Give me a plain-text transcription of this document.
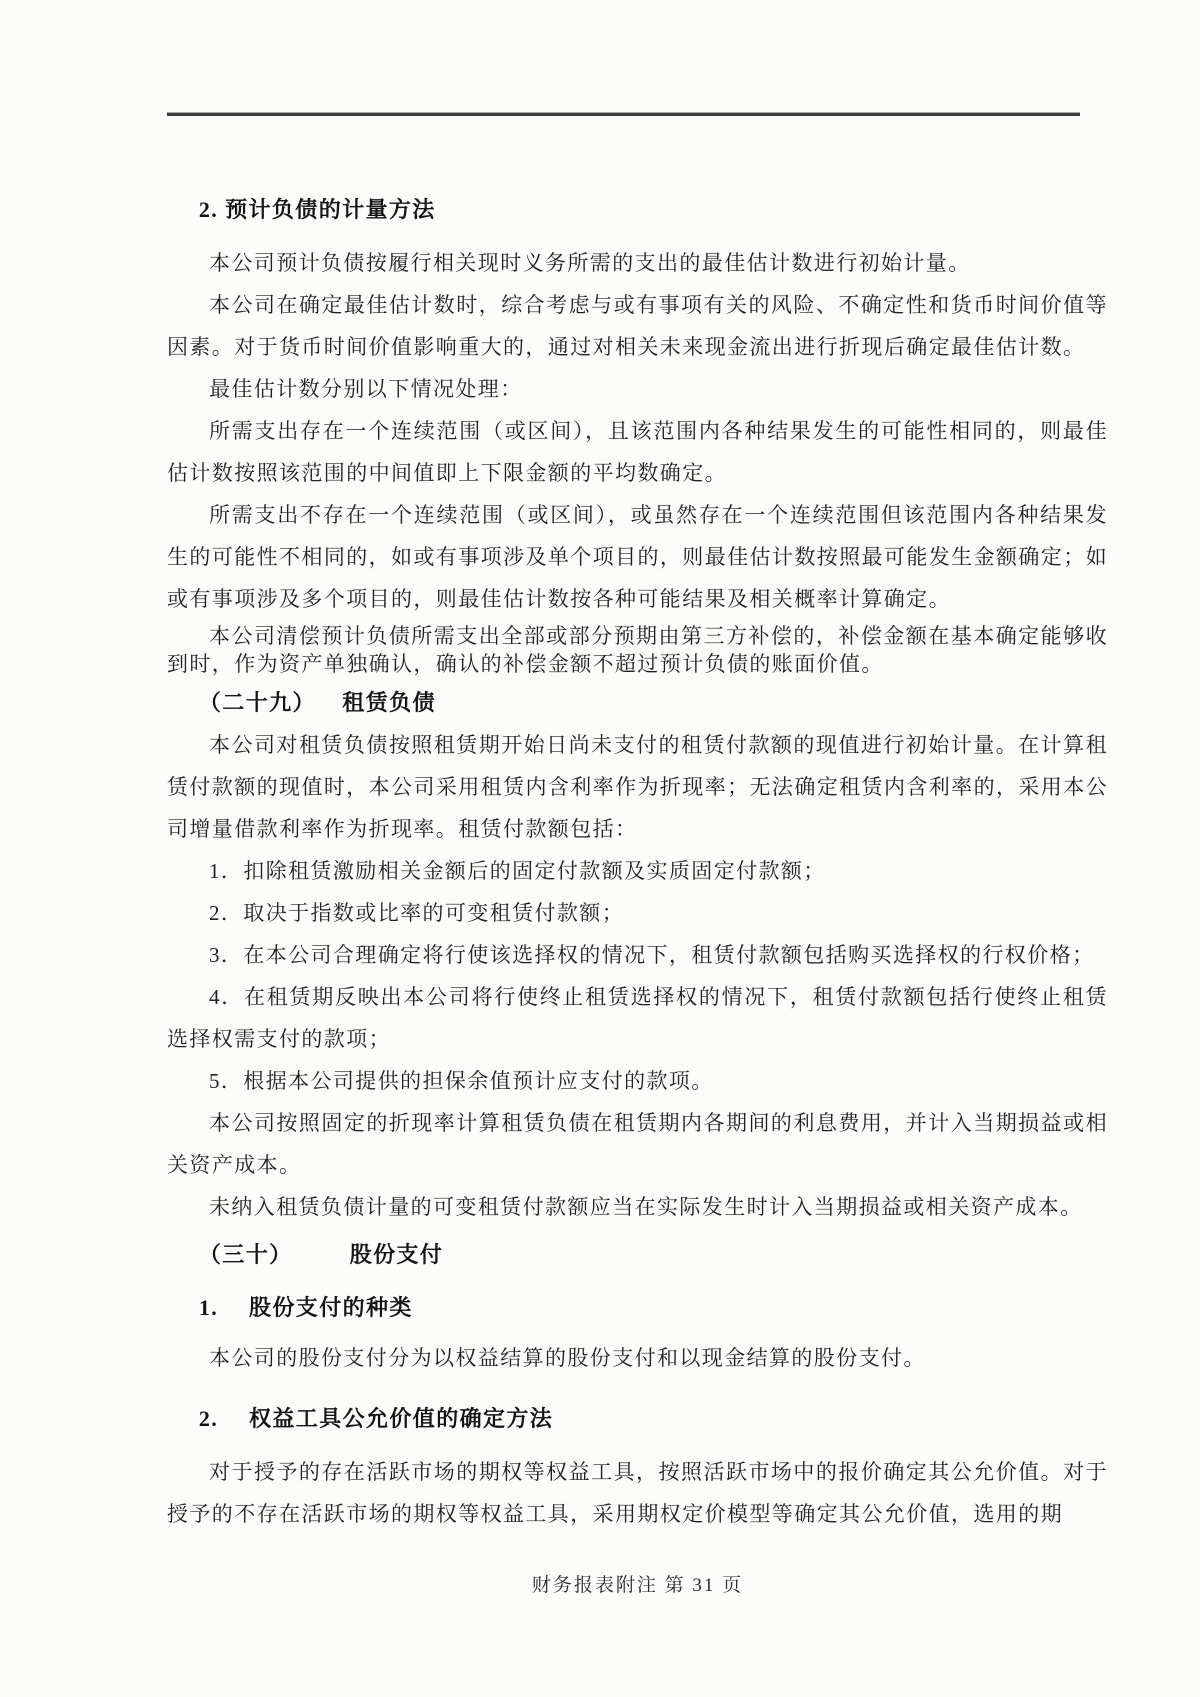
2. 预计负债的计量方法

本公司预计负债按履行相关现时义务所需的支出的最佳估计数进行初始计量。

本公司在确定最佳估计数时，综合考虑与或有事项有关的风险、不确定性和货币时间价值等因素。对于货币时间价值影响重大的，通过对相关未来现金流出进行折现后确定最佳估计数。

最佳估计数分别以下情况处理：

所需支出存在一个连续范围（或区间），且该范围内各种结果发生的可能性相同的，则最佳估计数按照该范围的中间值即上下限金额的平均数确定。

所需支出不存在一个连续范围（或区间），或虽然存在一个连续范围但该范围内各种结果发生的可能性不相同的，如或有事项涉及单个项目的，则最佳估计数按照最可能发生金额确定；如或有事项涉及多个项目的，则最佳估计数按各种可能结果及相关概率计算确定。

本公司清偿预计负债所需支出全部或部分预期由第三方补偿的，补偿金额在基本确定能够收到时，作为资产单独确认，确认的补偿金额不超过预计负债的账面价值。

（二十九） 租赁负债

本公司对租赁负债按照租赁期开始日尚未支付的租赁付款额的现值进行初始计量。在计算租赁付款额的现值时，本公司采用租赁内含利率作为折现率；无法确定租赁内含利率的，采用本公司增量借款利率作为折现率。租赁付款额包括：

1．扣除租赁激励相关金额后的固定付款额及实质固定付款额；

2．取决于指数或比率的可变租赁付款额；

3．在本公司合理确定将行使该选择权的情况下，租赁付款额包括购买选择权的行权价格；

4．在租赁期反映出本公司将行使终止租赁选择权的情况下，租赁付款额包括行使终止租赁选择权需支付的款项；

5．根据本公司提供的担保余值预计应支付的款项。

本公司按照固定的折现率计算租赁负债在租赁期内各期间的利息费用，并计入当期损益或相关资产成本。

未纳入租赁负债计量的可变租赁付款额应当在实际发生时计入当期损益或相关资产成本。

（三十）	股份支付
1. 股份支付的种类

本公司的股份支付分为以权益结算的股份支付和以现金结算的股份支付。

2. 权益工具公允价值的确定方法

对于授予的存在活跃市场的期权等权益工具，按照活跃市场中的报价确定其公允价值。对于授予的不存在活跃市场的期权等权益工具，采用期权定价模型等确定其公允价值，选用的期

财务报表附注 第 31 页
